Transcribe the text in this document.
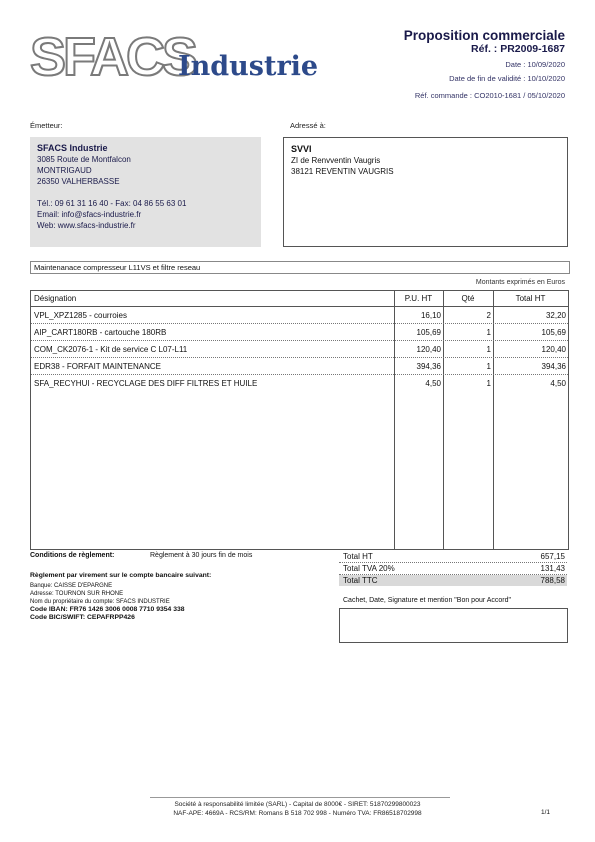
SFACS
Industrie
Proposition commerciale
Réf. : PR2009-1687
Date : 10/09/2020
Date de fin de validité : 10/10/2020
Réf. commande : CO2010-1681 / 05/10/2020
Émetteur:
SFACS Industrie
3085 Route de Montfalcon
MONTRIGAUD
26350 VALHERBASSE
Tél.: 09 61 31 16 40 - Fax: 04 86 55 63 01
Email: info@sfacs-industrie.fr
Web: www.sfacs-industrie.fr
Adressé à:
SVVI
ZI de Renvventin Vaugris
38121 REVENTIN VAUGRIS
Maintenanace compresseur L11VS et filtre reseau
Montants exprimés en Euros
Désignation	P.U. HT	Qté	Total HT
VPL_XPZ1285 - courroies	16,10	2	32,20
AIP_CART180RB - cartouche 180RB	105,69	1	105,69
COM_CK2076-1 - Kit de service C L07-L11	120,40	1	120,40
EDR38 - FORFAIT MAINTENANCE	394,36	1	394,36
SFA_RECYHUI - RECYCLAGE DES DIFF FILTRES ET HUILE	4,50	1	4,50
Conditions de règlement:	Règlement à 30 jours fin de mois
Règlement par virement sur le compte bancaire suivant:
Banque: CAISSE D'EPARGNE
Adresse: TOURNON SUR RHONE
Nom du propriétaire du compte: SFACS INDUSTRIE
Code IBAN: FR76 1426 3006 0008 7710 9354 338
Code BIC/SWIFT: CEPAFRPP426
Total HT	657,15
Total TVA 20%	131,43
Total TTC	788,58
Cachet, Date, Signature et mention "Bon pour Accord"
Société à responsabilité limitée (SARL) - Capital de 8000€ - SIRET: 51870299800023
NAF-APE: 4669A - RCS/RM: Romans B 518 702 998 - Numéro TVA: FR86518702998	1/1
